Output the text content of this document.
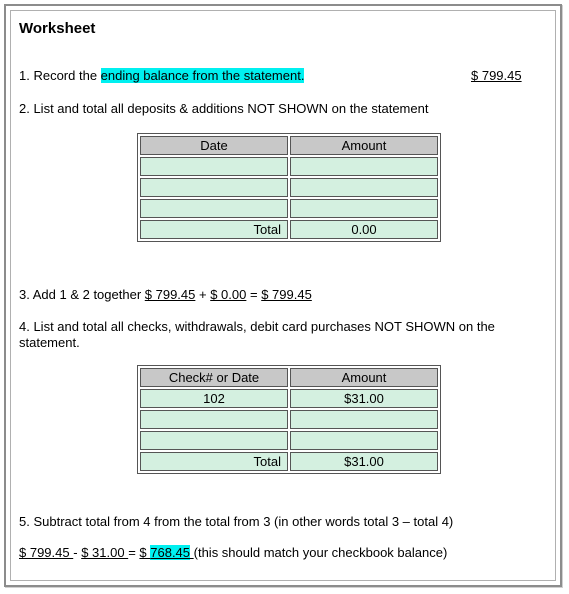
Worksheet
1. Record the ending balance from the statement.	$ 799.45
2. List and total all deposits & additions NOT SHOWN on the statement
Date	Amount

Total	0.00
3. Add 1 & 2 together $ 799.45 + $ 0.00 = $ 799.45
4. List and total all checks, withdrawals, debit card purchases NOT SHOWN on the
statement.
Check# or Date	Amount
102	$31.00

Total	$31.00
5. Subtract total from 4 from the total from 3 (in other words total 3 – total 4)
$ 799.45 - $ 31.00 = $ 768.45 (this should match your checkbook balance)
